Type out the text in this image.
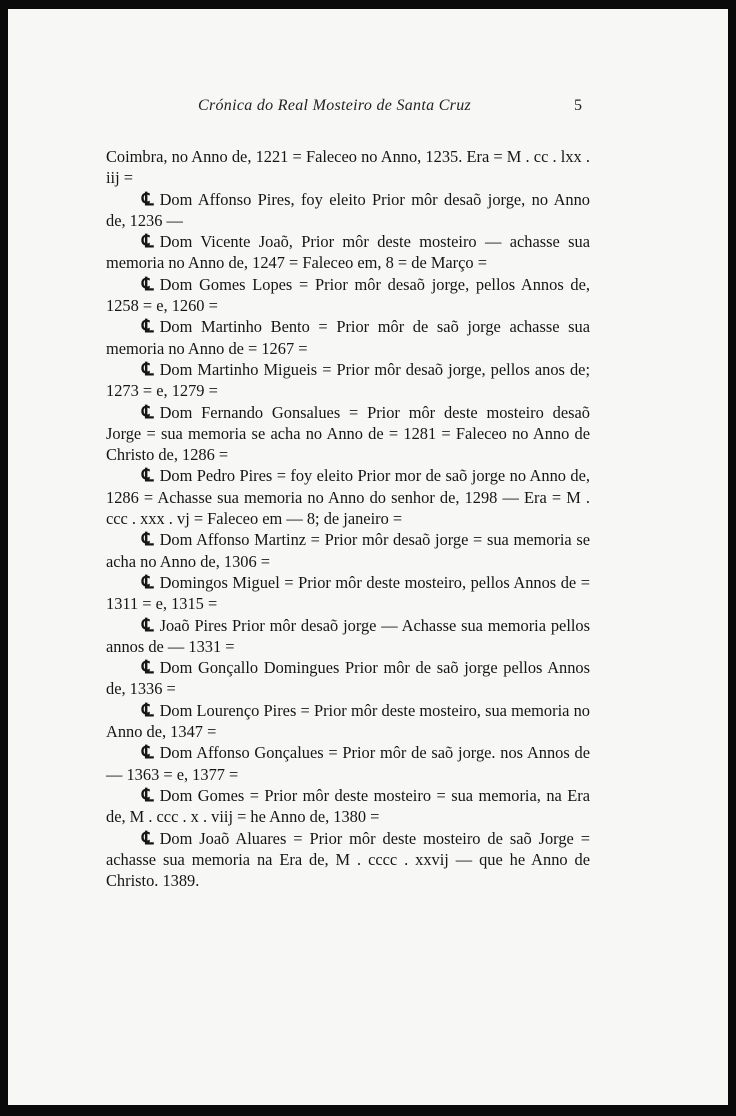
Crónica do Real Mosteiro de Santa Cruz	5

Coimbra, no Anno de, 1221 = Faleceo no Anno, 1235. Era = M . cc . lxx . iij =

℄ Dom Affonso Pires, foy eleito Prior môr desaõ jorge, no Anno de, 1236 —

℄ Dom Vicente Joaõ, Prior môr deste mosteiro — achasse sua memoria no Anno de, 1247 = Faleceo em, 8 = de Março =

℄ Dom Gomes Lopes = Prior môr desaõ jorge, pellos Annos de, 1258 = e, 1260 =

℄ Dom Martinho Bento = Prior môr de saõ jorge achasse sua memoria no Anno de = 1267 =

℄ Dom Martinho Migueis = Prior môr desaõ jorge, pellos anos de; 1273 = e, 1279 =

℄ Dom Fernando Gonsalues = Prior môr deste mosteiro desaõ Jorge = sua memoria se acha no Anno de = 1281 = Faleceo no Anno de Christo de, 1286 =

℄ Dom Pedro Pires = foy eleito Prior mor de saõ jorge no Anno de, 1286 = Achasse sua memoria no Anno do senhor de, 1298 — Era = M . ccc . xxx . vj = Faleceo em — 8; de janeiro =

℄ Dom Affonso Martinz = Prior môr desaõ jorge = sua memoria se acha no Anno de, 1306 =

℄ Domingos Miguel = Prior môr deste mosteiro, pellos Annos de = 1311 = e, 1315 =

℄ Joaõ Pires Prior môr desaõ jorge — Achasse sua memoria pellos annos de — 1331 =

℄ Dom Gonçallo Domingues Prior môr de saõ jorge pellos Annos de, 1336 =

℄ Dom Lourenço Pires = Prior môr deste mosteiro, sua memoria no Anno de, 1347 =

℄ Dom Affonso Gonçalues = Prior môr de saõ jorge. nos Annos de — 1363 = e, 1377 =

℄ Dom Gomes = Prior môr deste mosteiro = sua memoria, na Era de, M . ccc . x . viij = he Anno de, 1380 =

℄ Dom Joaõ Aluares = Prior môr deste mosteiro de saõ Jorge = achasse sua memoria na Era de, M . cccc . xxvij — que he Anno de Christo. 1389.
